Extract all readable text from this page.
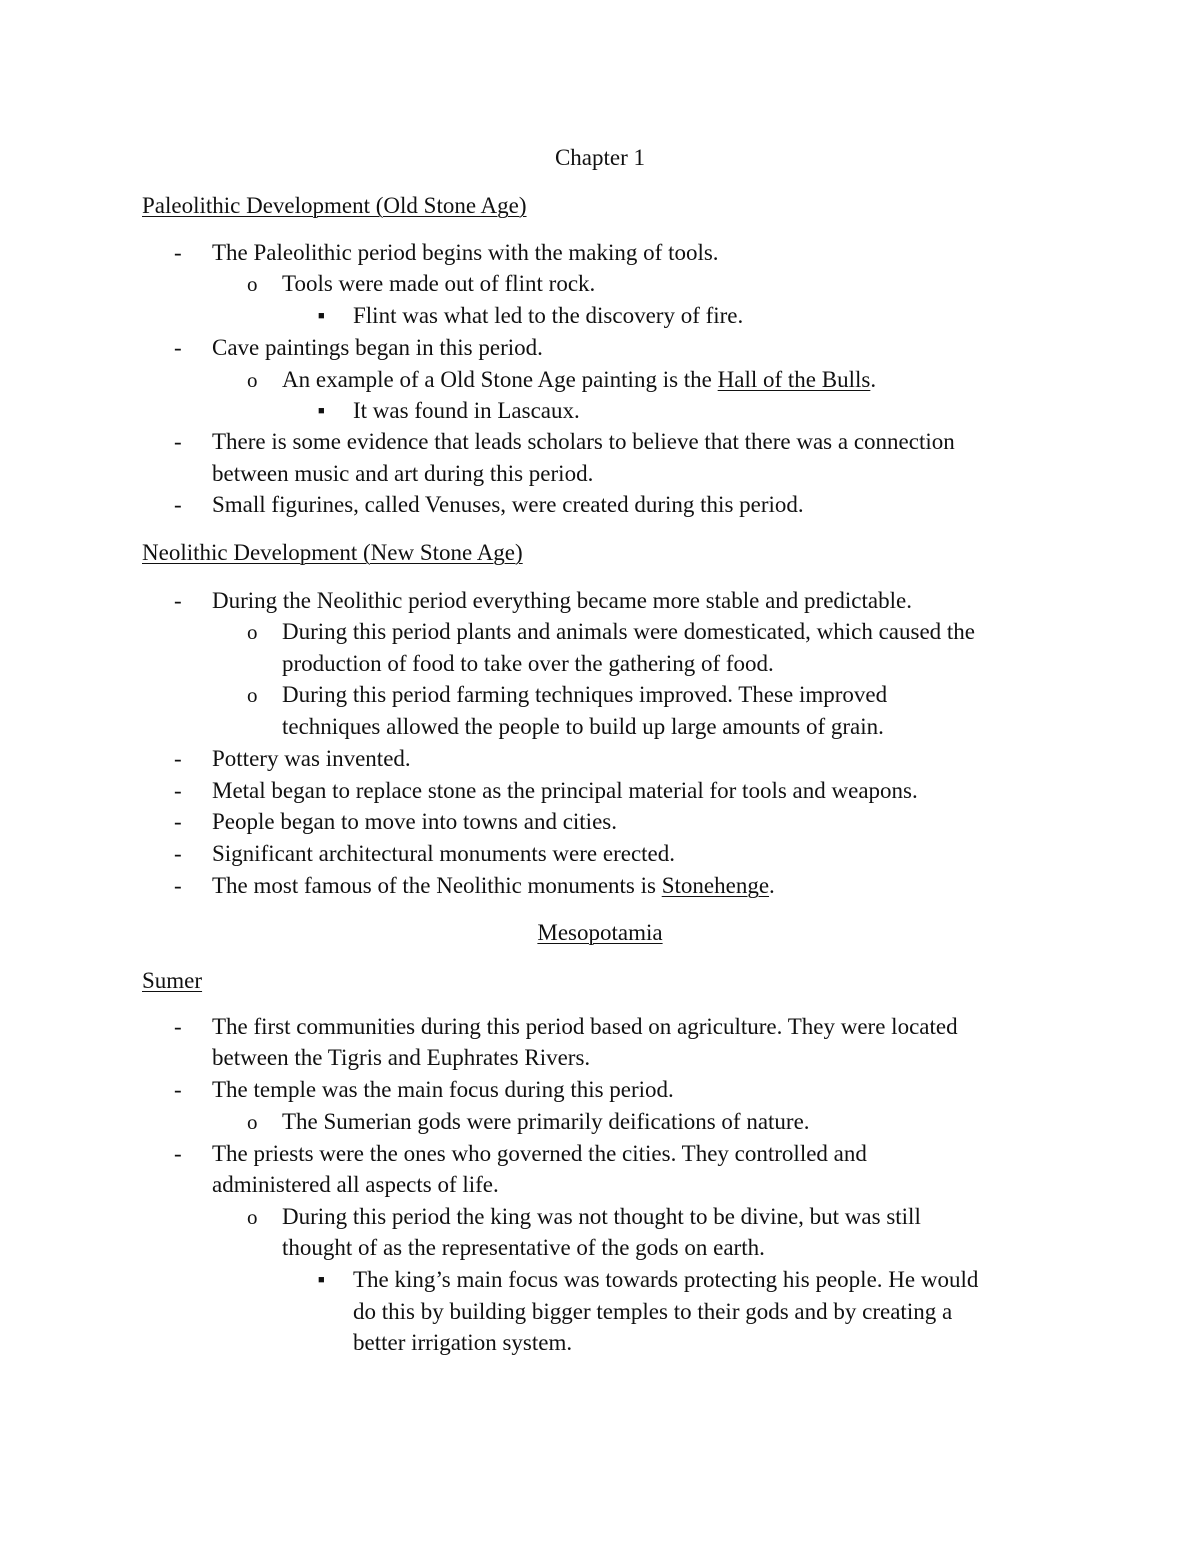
Chapter 1
Paleolithic Development (Old Stone Age)
- The Paleolithic period begins with the making of tools.
o Tools were made out of flint rock.
■ Flint was what led to the discovery of fire.
- Cave paintings began in this period.
o An example of a Old Stone Age painting is the Hall of the Bulls.
■ It was found in Lascaux.
- There is some evidence that leads scholars to believe that there was a connection
between music and art during this period.
- Small figurines, called Venuses, were created during this period.
Neolithic Development (New Stone Age)
- During the Neolithic period everything became more stable and predictable.
o During this period plants and animals were domesticated, which caused the
production of food to take over the gathering of food.
o During this period farming techniques improved. These improved
techniques allowed the people to build up large amounts of grain.
- Pottery was invented.
- Metal began to replace stone as the principal material for tools and weapons.
- People began to move into towns and cities.
- Significant architectural monuments were erected.
- The most famous of the Neolithic monuments is Stonehenge.
Mesopotamia
Sumer
- The first communities during this period based on agriculture. They were located
between the Tigris and Euphrates Rivers.
- The temple was the main focus during this period.
o The Sumerian gods were primarily deifications of nature.
- The priests were the ones who governed the cities. They controlled and
administered all aspects of life.
o During this period the king was not thought to be divine, but was still
thought of as the representative of the gods on earth.
■ The king’s main focus was towards protecting his people. He would
do this by building bigger temples to their gods and by creating a
better irrigation system.
